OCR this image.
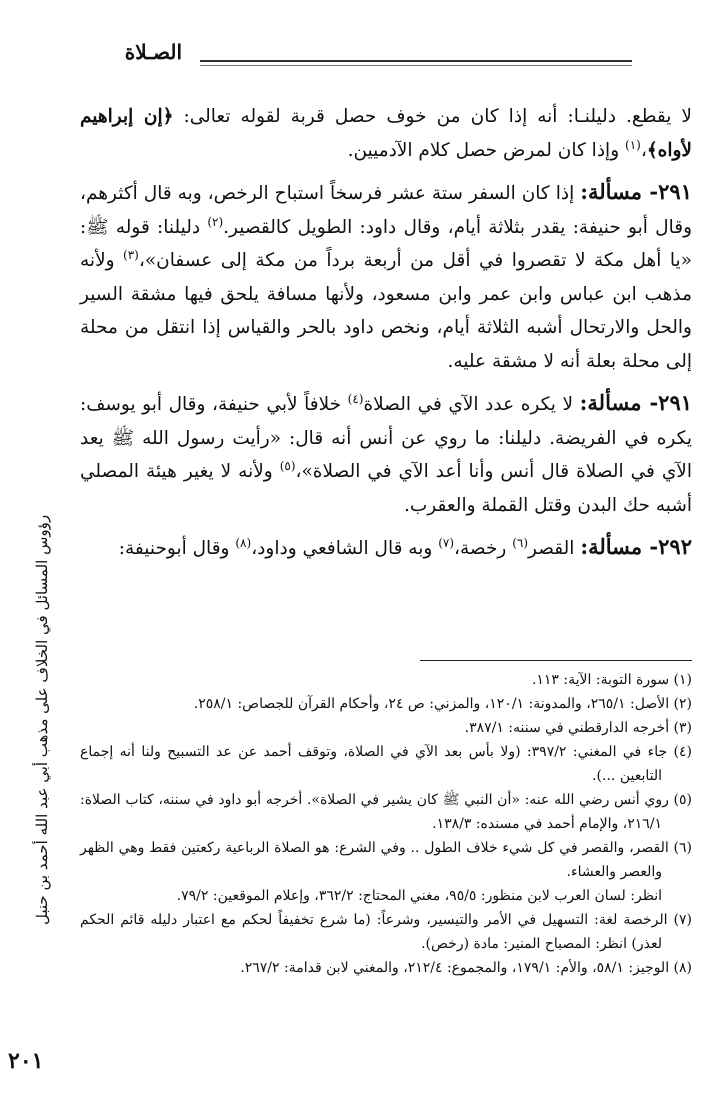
الصـلاة

لا يقطع. دليلنـا: أنه إذا كان من خوف حصل قربة لقوله تعالى: ﴿إن إبراهيم لأواه﴾،$^{(١)}$ وإذا كان لمرض حصل كلام الآدميين.

٢٩١- مسألة: إذا كان السفر ستة عشر فرسخاً استباح الرخص، وبه قال أكثرهم، وقال أبو حنيفة: يقدر بثلاثة أيام، وقال داود: الطويل كالقصير.$^{(٢)}$ دليلنا: قوله ﷺ: «يا أهل مكة لا تقصروا في أقل من أربعة برداً من مكة إلى عسفان»،$^{(٣)}$ ولأنه مذهب ابن عباس وابن عمر وابن مسعود، ولأنها مسافة يلحق فيها مشقة السير والحل والارتحال أشبه الثلاثة أيام، ونخص داود بالحر والقياس إذا انتقل من محلة إلى محلة بعلة أنه لا مشقة عليه.

٢٩١- مسألة: لا يكره عدد الآي في الصلاة$^{(٤)}$ خلافاً لأبي حنيفة، وقال أبو يوسف: يكره في الفريضة. دليلنا: ما روي عن أنس أنه قال: «رأيت رسول الله ﷺ يعد الآي في الصلاة قال أنس وأنا أعد الآي في الصلاة»،$^{(٥)}$ ولأنه لا يغير هيئة المصلي أشبه حك البدن وقتل القملة والعقرب.

٢٩٢- مسألة: القصر$^{(٦)}$ رخصة،$^{(٧)}$ وبه قال الشافعي وداود،$^{(٨)}$ وقال أبوحنيفة:

(١) سورة التوبة: الآية: ١١٣.

(٢) الأصل: ٢٦٥/١، والمدونة: ١٢٠/١، والمزني: ص ٢٤، وأحكام القرآن للجصاص: ٢٥٨/١.

(٣) أخرجه الدارقطني في سننه: ٣٨٧/١.

(٤) جاء في المغني: ٣٩٧/٢: (ولا بأس بعد الآي في الصلاة، وتوقف أحمد عن عد التسبيح ولنا أنه إجماع التابعين ...).

(٥) روي أنس رضي الله عنه: «أن النبي ﷺ كان يشير في الصلاة». أخرجه أبو داود في سننه، كتاب الصلاة: ٢١٦/١، والإمام أحمد في مسنده: ١٣٨/٣.

(٦) القصر، والقصر في كل شيء خلاف الطول .. وفي الشرع: هو الصلاة الرباعية ركعتين فقط وهي الظهر والعصر والعشاء.

انظر: لسان العرب لابن منظور: ٩٥/٥، مغني المحتاج: ٣٦٢/٢، وإعلام الموقعين: ٧٩/٢.

(٧) الرخصة لغة: التسهيل في الأمر والتيسير، وشرعاً: (ما شرع تخفيفاً لحكم مع اعتبار دليله قائم الحكم لعذر) انظر: المصباح المنير: مادة (رخص).

(٨) الوجيز: ٥٨/١، والأم: ١٧٩/١، والمجموع: ٢١٢/٤، والمغني لابن قدامة: ٢٦٧/٢.

رؤوس المسائل في الخلاف على مذهب أبي عبد الله أحمد بن حنبل
٢٠١
